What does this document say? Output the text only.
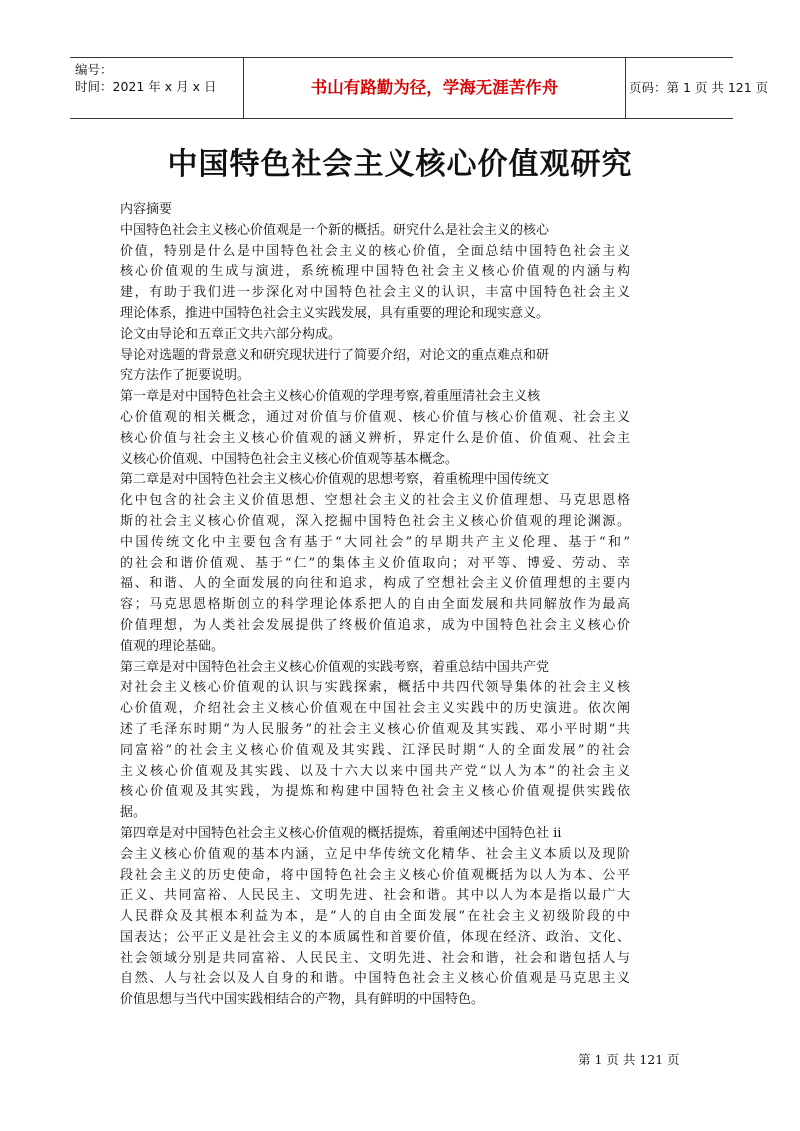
编号：
时间：2021 年 x 月 x 日	书山有路勤为径，学海无涯苦作舟	页码：第 1 页 共 121 页
中国特色社会主义核心价值观研究
内容摘要
中国特色社会主义核心价值观是一个新的概括。研究什么是社会主义的核心
价值，特别是什么是中国特色社会主义的核心价值，全面总结中国特色社会主义
核心价值观的生成与演进，系统梳理中国特色社会主义核心价值观的内涵与构
建，有助于我们进一步深化对中国特色社会主义的认识，丰富中国特色社会主义
理论体系，推进中国特色社会主义实践发展，具有重要的理论和现实意义。
论文由导论和五章正文共六部分构成。
导论对选题的背景意义和研究现状进行了简要介绍，对论文的重点难点和研
究方法作了扼要说明。
第一章是对中国特色社会主义核心价值观的学理考察,着重厘清社会主义核
心价值观的相关概念，通过对价值与价值观、核心价值与核心价值观、社会主义
核心价值与社会主义核心价值观的涵义辨析，界定什么是价值、价值观、社会主
义核心价值观、中国特色社会主义核心价值观等基本概念。
第二章是对中国特色社会主义核心价值观的思想考察，着重梳理中国传统文
化中包含的社会主义价值思想、空想社会主义的社会主义价值理想、马克思恩格
斯的社会主义核心价值观，深入挖掘中国特色社会主义核心价值观的理论渊源。
中国传统文化中主要包含有基于“大同社会”的早期共产主义伦理、基于“和”
的社会和谐价值观、基于“仁”的集体主义价值取向；对平等、博爱、劳动、幸
福、和谐、人的全面发展的向往和追求，构成了空想社会主义价值理想的主要内
容；马克思恩格斯创立的科学理论体系把人的自由全面发展和共同解放作为最高
价值理想，为人类社会发展提供了终极价值追求，成为中国特色社会主义核心价
值观的理论基础。
第三章是对中国特色社会主义核心价值观的实践考察，着重总结中国共产党
对社会主义核心价值观的认识与实践探索，概括中共四代领导集体的社会主义核
心价值观，介绍社会主义核心价值观在中国社会主义实践中的历史演进。依次阐
述了毛泽东时期“为人民服务”的社会主义核心价值观及其实践、邓小平时期“共
同富裕”的社会主义核心价值观及其实践、江泽民时期“人的全面发展”的社会
主义核心价值观及其实践、以及十六大以来中国共产党“以人为本”的社会主义
核心价值观及其实践，为提炼和构建中国特色社会主义核心价值观提供实践依
据。
第四章是对中国特色社会主义核心价值观的概括提炼，着重阐述中国特色社 ii
会主义核心价值观的基本内涵，立足中华传统文化精华、社会主义本质以及现阶
段社会主义的历史使命，将中国特色社会主义核心价值观概括为以人为本、公平
正义、共同富裕、人民民主、文明先进、社会和谐。其中以人为本是指以最广大
人民群众及其根本利益为本，是“人的自由全面发展”在社会主义初级阶段的中
国表达；公平正义是社会主义的本质属性和首要价值，体现在经济、政治、文化、
社会领域分别是共同富裕、人民民主、文明先进、社会和谐，社会和谐包括人与
自然、人与社会以及人自身的和谐。中国特色社会主义核心价值观是马克思主义
价值思想与当代中国实践相结合的产物，具有鲜明的中国特色。
第 1 页 共 121 页
